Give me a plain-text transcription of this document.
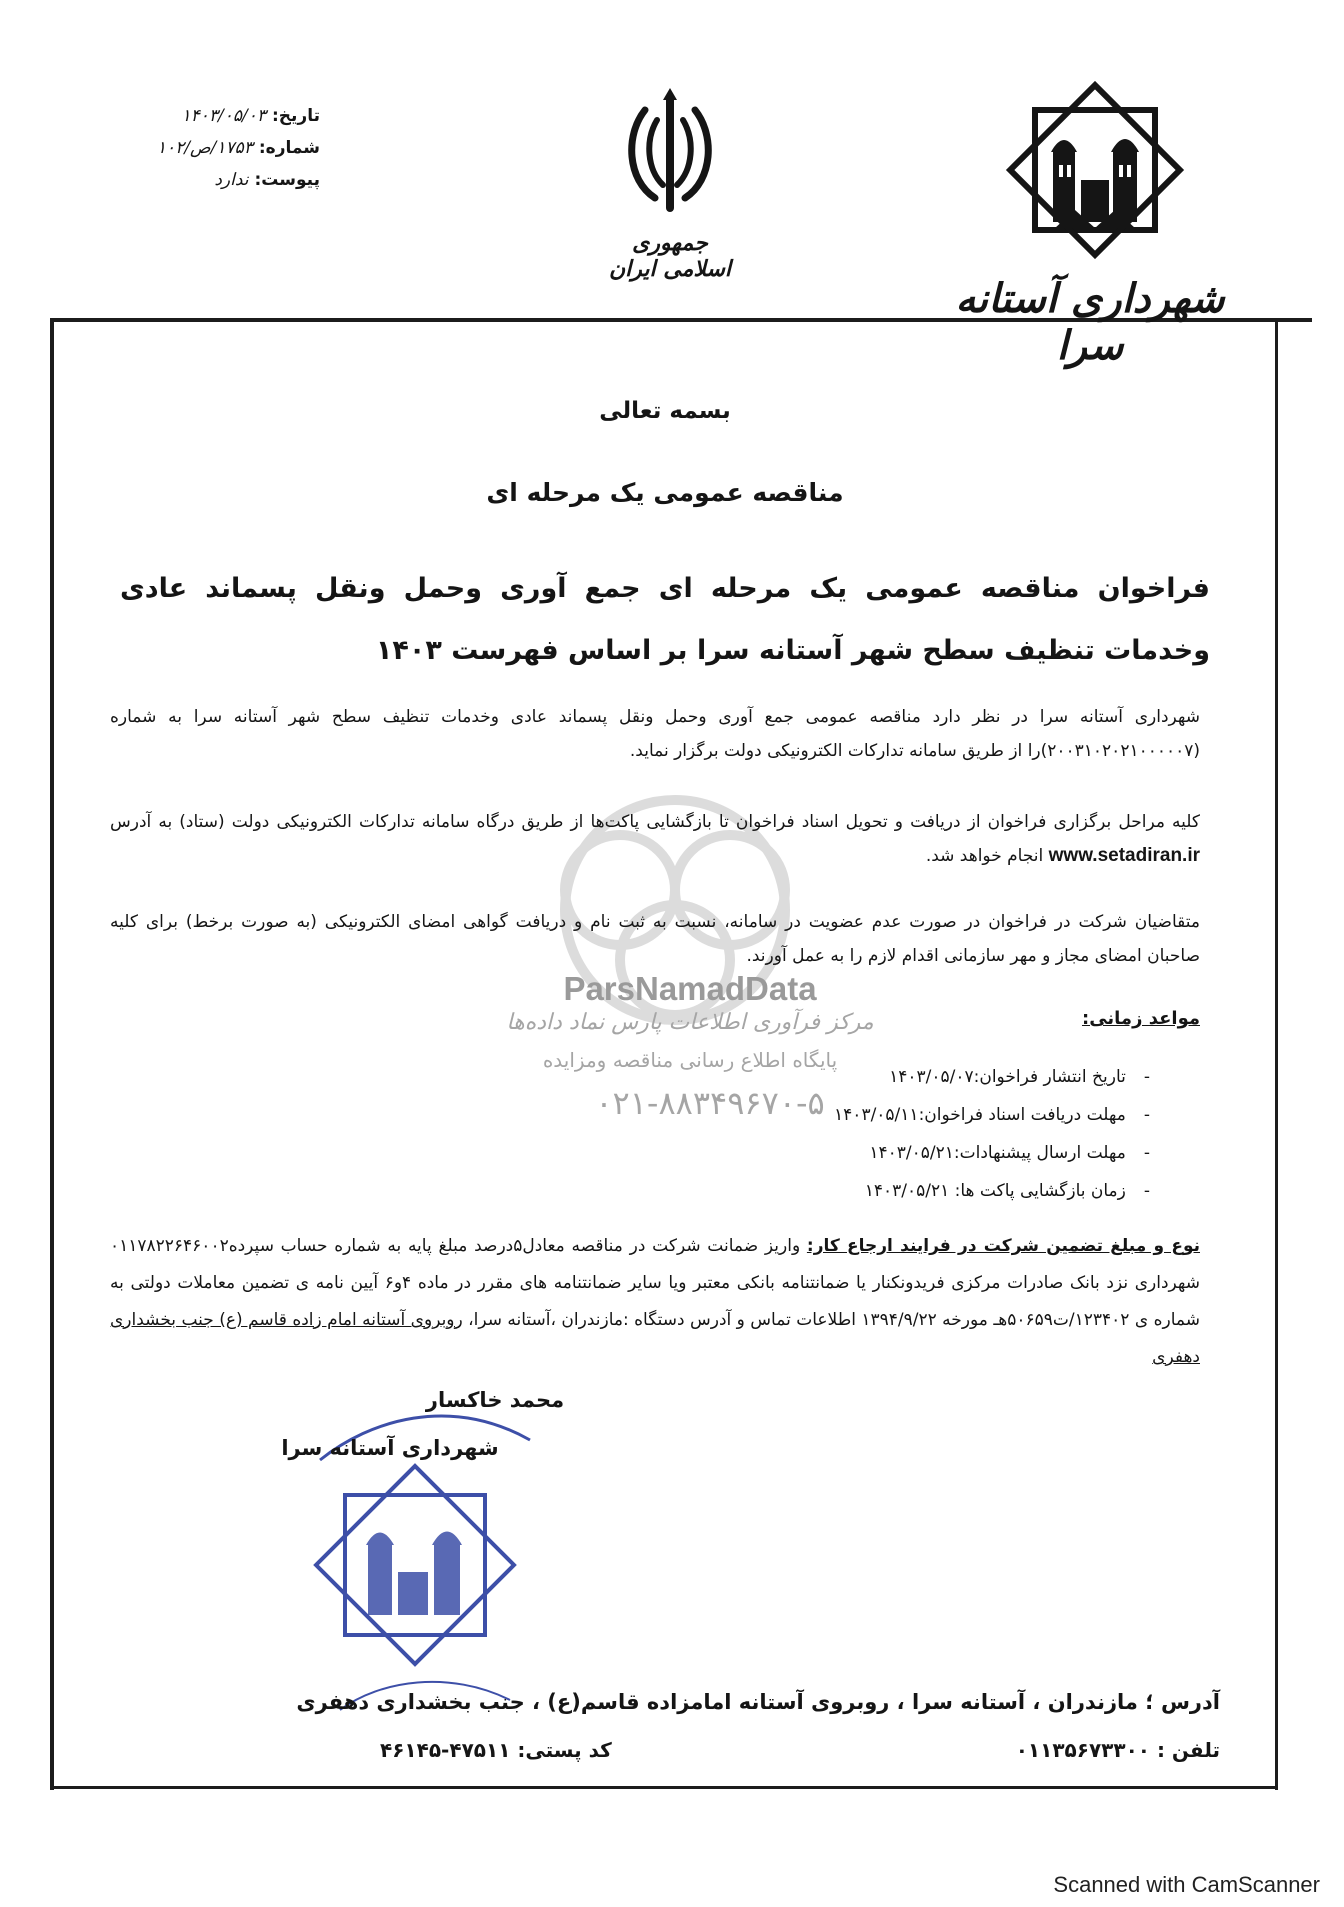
تاریخ:
۱۴۰۳/۰۵/۰۳
شماره:
۱۷۵۳/ص/۱۰۲
پیوست:
ندارد
جمهوری اسلامی ایران
شهرداری آستانه سرا
ParsNamadData
مرکز فرآوری اطلاعات پارس نماد داده‌ها
پایگاه اطلاع رسانی مناقصه ومزایده
۰۲۱-۸۸۳۴۹۶۷۰-۵
بسمه تعالی
مناقصه عمومی یک مرحله ای
فراخوان مناقصه عمومی یک مرحله ای جمع آوری وحمل ونقل پسماند عادی وخدمات تنظیف سطح شهر آستانه سرا بر اساس فهرست ۱۴۰۳
شهرداری آستانه سرا در نظر دارد مناقصه عمومی جمع آوری وحمل ونقل پسماند عادی وخدمات تنظیف سطح شهر آستانه سرا به شماره (۲۰۰۳۱۰۲۰۲۱۰۰۰۰۰۷)را از طریق سامانه تدارکات الکترونیکی دولت برگزار نماید.
کلیه مراحل برگزاری فراخوان از دریافت و تحویل اسناد فراخوان تا بازگشایی پاکت‌ها از طریق درگاه سامانه تدارکات الکترونیکی دولت (ستاد) به آدرس www.setadiran.ir انجام خواهد شد.
متقاضیان شرکت در فراخوان در صورت عدم عضویت در سامانه، نسبت به ثبت نام و دریافت گواهی امضای الکترونیکی (به صورت برخط) برای کلیه صاحبان امضای مجاز و مهر سازمانی اقدام لازم را به عمل آورند.
مواعد زمانی:
- تاریخ انتشار فراخوان:۱۴۰۳/۰۵/۰۷
- مهلت دریافت اسناد فراخوان:۱۴۰۳/۰۵/۱۱
- مهلت ارسال پیشنهادات:۱۴۰۳/۰۵/۲۱
- زمان بازگشایی پاکت ها: ۱۴۰۳/۰۵/۲۱
نوع و مبلغ تضمین شرکت در فرایند ارجاع کار: واریز ضمانت شرکت در مناقصه معادل۵درصد مبلغ پایه به شماره حساب سپرده۰۱۱۷۸۲۲۶۴۶۰۰۲ شهرداری نزد بانک صادرات مرکزی فریدونکنار یا ضمانتنامه بانکی معتبر ویا سایر ضمانتنامه های مقرر در ماده ۴و۶ آیین نامه ی تضمین معاملات دولتی به شماره ی ۱۲۳۴۰۲/ت۵۰۶۵۹هـ مورخه ۱۳۹۴/۹/۲۲ اطلاعات تماس و آدرس دستگاه :مازندران ،آستانه سرا، روبروی آستانه امام زاده قاسم (ع) جنب بخشداری دهفری
محمد خاکسار
شهرداری آستانه سرا
آدرس ؛ مازندران ، آستانه سرا ، روبروی آستانه امامزاده قاسم(ع) ، جنب بخشداری دهفری
تلفن : ۰۱۱۳۵۶۷۳۳۰۰
کد پستی: ۴۷۵۱۱-۴۶۱۴۵
Scanned with CamScanner
